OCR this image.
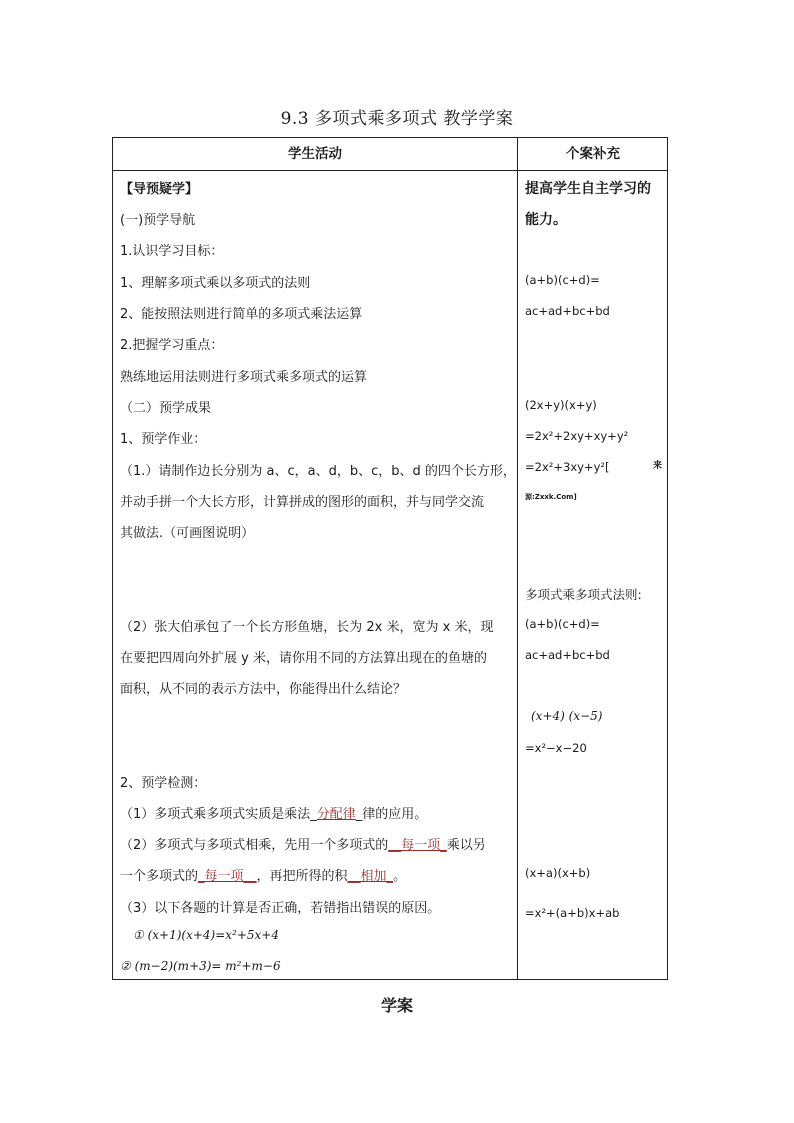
9.3 多项式乘多项式 教学学案
学生活动	个案补充
【导预疑学】
(一)预学导航
1.认识学习目标：
1、理解多项式乘以多项式的法则
2、能按照法则进行简单的多项式乘法运算
2.把握学习重点：
熟练地运用法则进行多项式乘多项式的运算
（二）预学成果
1、预学作业：
（1.）请制作边长分别为 a、c，a、d，b、c，b、d 的四个长方形，
并动手拼一个大长方形，计算拼成的图形的面积，并与同学交流
其做法.（可画图说明）
（2）张大伯承包了一个长方形鱼塘，长为 2x 米，宽为 x 米，现
在要把四周向外扩展 y 米，请你用不同的方法算出现在的鱼塘的
面积，从不同的表示方法中，你能得出什么结论？
2、预学检测：
（1）多项式乘多项式实质是乘法_分配律_律的应用。
（2）多项式与多项式相乘，先用一个多项式的__每一项_乘以另
一个多项式的_每一项__，再把所得的积__相加_。
（3）以下各题的计算是否正确，若错指出错误的原因。
① (x+1)(x+4)=x²+5x+4
② (m−2)(m+3)= m²+m−6
提高学生自主学习的
能力。
(a+b)(c+d)=
ac+ad+bc+bd
(2x+y)(x+y)
=2x²+2xy+xy+y²
=2x²+3xy+y²[	来
源:Zxxk.Com]
多项式乘多项式法则:
(a+b)(c+d)=
ac+ad+bc+bd
(x+4) (x−5)
=x²−x−20
(x+a)(x+b)
=x²+(a+b)x+ab
学案
